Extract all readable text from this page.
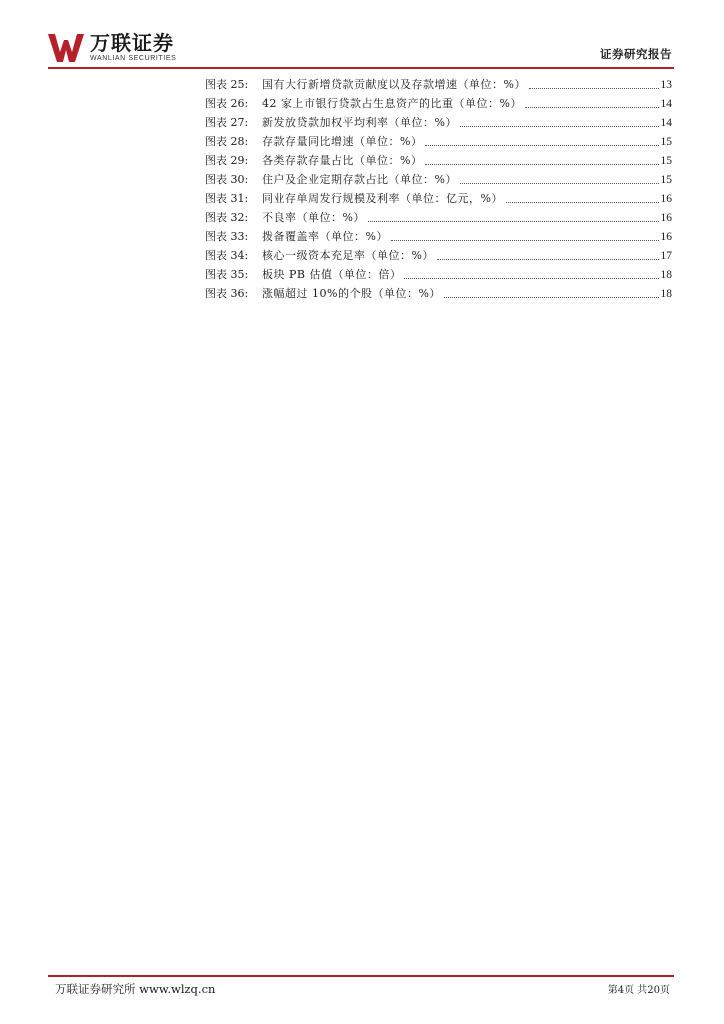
万联证券
WANLIAN SECURITIES	证券研究报告
图表 25:	国有大行新增贷款贡献度以及存款增速（单位：%）	13
图表 26:	42 家上市银行贷款占生息资产的比重（单位：%）	14
图表 27:	新发放贷款加权平均利率（单位：%）	14
图表 28:	存款存量同比增速（单位：%）	15
图表 29:	各类存款存量占比（单位：%）	15
图表 30:	住户及企业定期存款占比（单位：%）	15
图表 31:	同业存单周发行规模及利率（单位：亿元，%）	16
图表 32:	不良率（单位：%）	16
图表 33:	拨备覆盖率（单位：%）	16
图表 34:	核心一级资本充足率（单位：%）	17
图表 35:	板块 PB 估值（单位：倍）	18
图表 36:	涨幅超过 10%的个股（单位：%）	18
万联证券研究所 www.wlzq.cn	第4页 共20页
